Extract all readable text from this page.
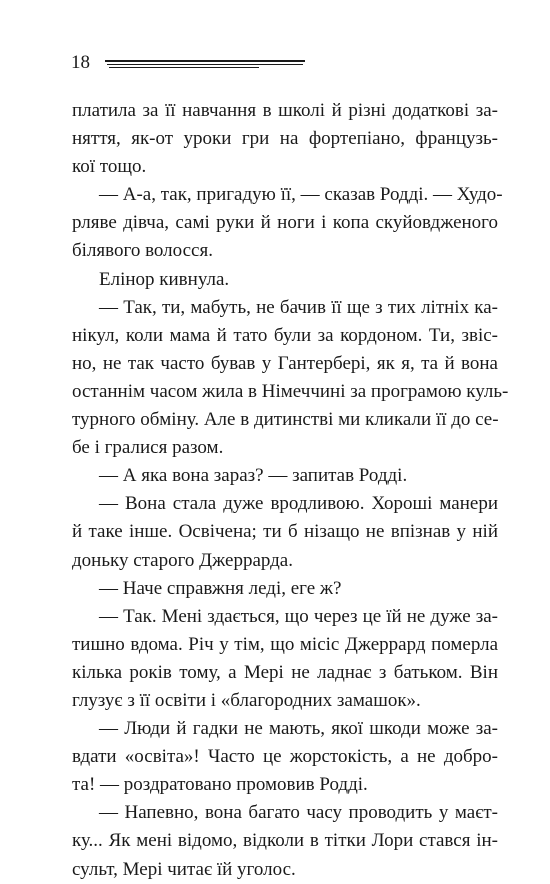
18
платила за її навчання в школі й різні додаткові за-
няття, як-от уроки гри на фортепіано, французь-
кої тощо.
— А-а, так, пригадую її, — сказав Родді. — Худо-
рляве дівча, самі руки й ноги і копа скуйовдженого
білявого волосся.
Елінор кивнула.
— Так, ти, мабуть, не бачив її ще з тих літніх ка-
нікул, коли мама й тато були за кордоном. Ти, звіс-
но, не так часто бував у Гантербері, як я, та й вона
останнім часом жила в Німеччині за програмою куль-
турного обміну. Але в дитинстві ми кликали її до се-
бе і гралися разом.
— А яка вона зараз? — запитав Родді.
— Вона стала дуже вродливою. Хороші манери
й таке інше. Освічена; ти б нізащо не впізнав у ній
доньку старого Джеррарда.
— Наче справжня леді, еге ж?
— Так. Мені здається, що через це їй не дуже за-
тишно вдома. Річ у тім, що місіс Джеррард померла
кілька років тому, а Мері не ладнає з батьком. Він
глузує з її освіти і «благородних замашок».
— Люди й гадки не мають, якої шкоди може за-
вдати «освіта»! Часто це жорстокість, а не добро-
та! — роздратовано промовив Родді.
— Напевно, вона багато часу проводить у маєт-
ку... Як мені відомо, відколи в тітки Лори стався ін-
сульт, Мері читає їй уголос.
